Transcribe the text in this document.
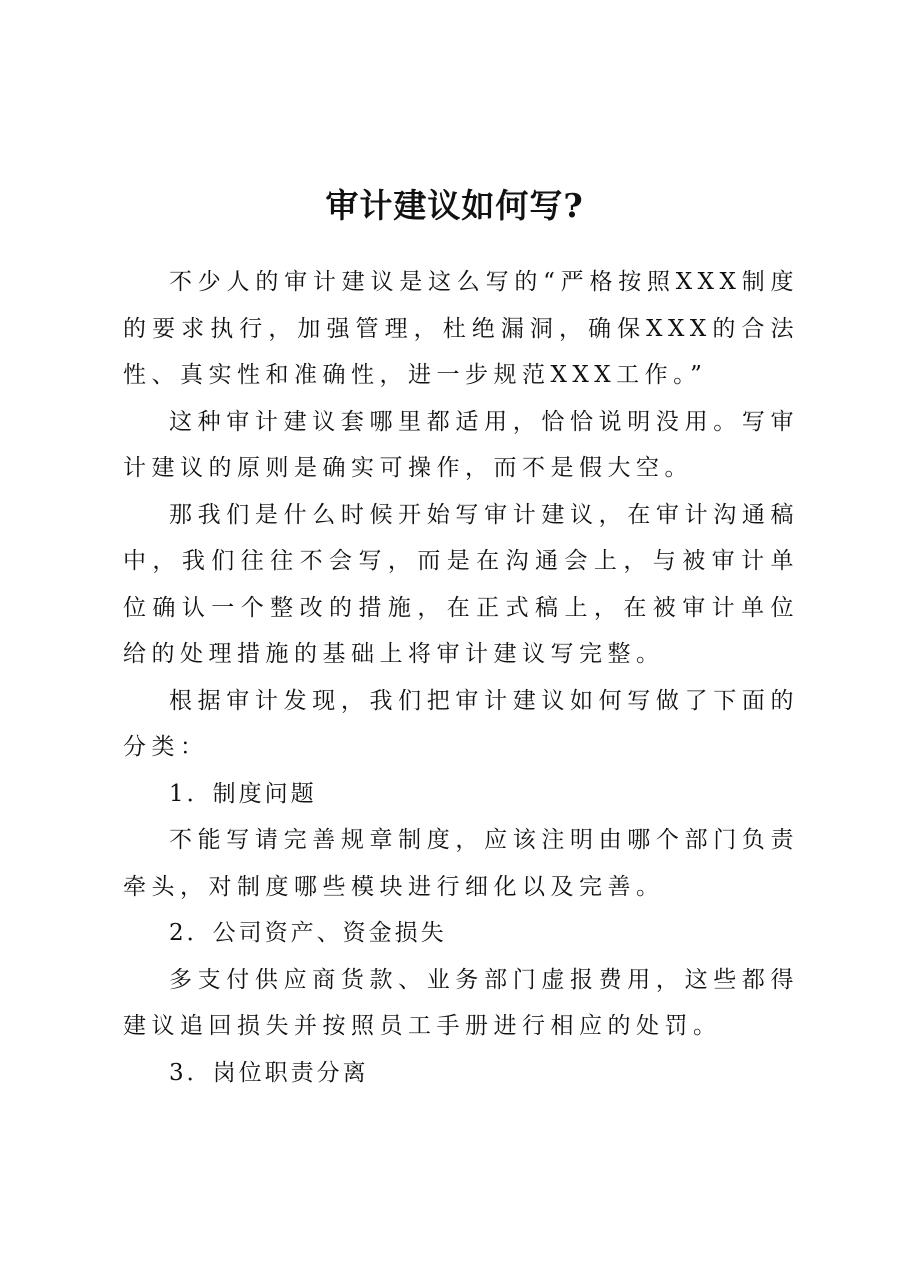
审计建议如何写?

不少人的审计建议是这么写的“严格按照XXX制度的要求执行，加强管理，杜绝漏洞，确保XXX的合法性、真实性和准确性，进一步规范XXX工作。”

这种审计建议套哪里都适用，恰恰说明没用。写审计建议的原则是确实可操作，而不是假大空。

那我们是什么时候开始写审计建议，在审计沟通稿中，我们往往不会写，而是在沟通会上，与被审计单位确认一个整改的措施，在正式稿上，在被审计单位给的处理措施的基础上将审计建议写完整。

根据审计发现，我们把审计建议如何写做了下面的分类：

1．制度问题

不能写请完善规章制度，应该注明由哪个部门负责牵头，对制度哪些模块进行细化以及完善。

2．公司资产、资金损失

多支付供应商货款、业务部门虚报费用，这些都得建议追回损失并按照员工手册进行相应的处罚。

3．岗位职责分离
